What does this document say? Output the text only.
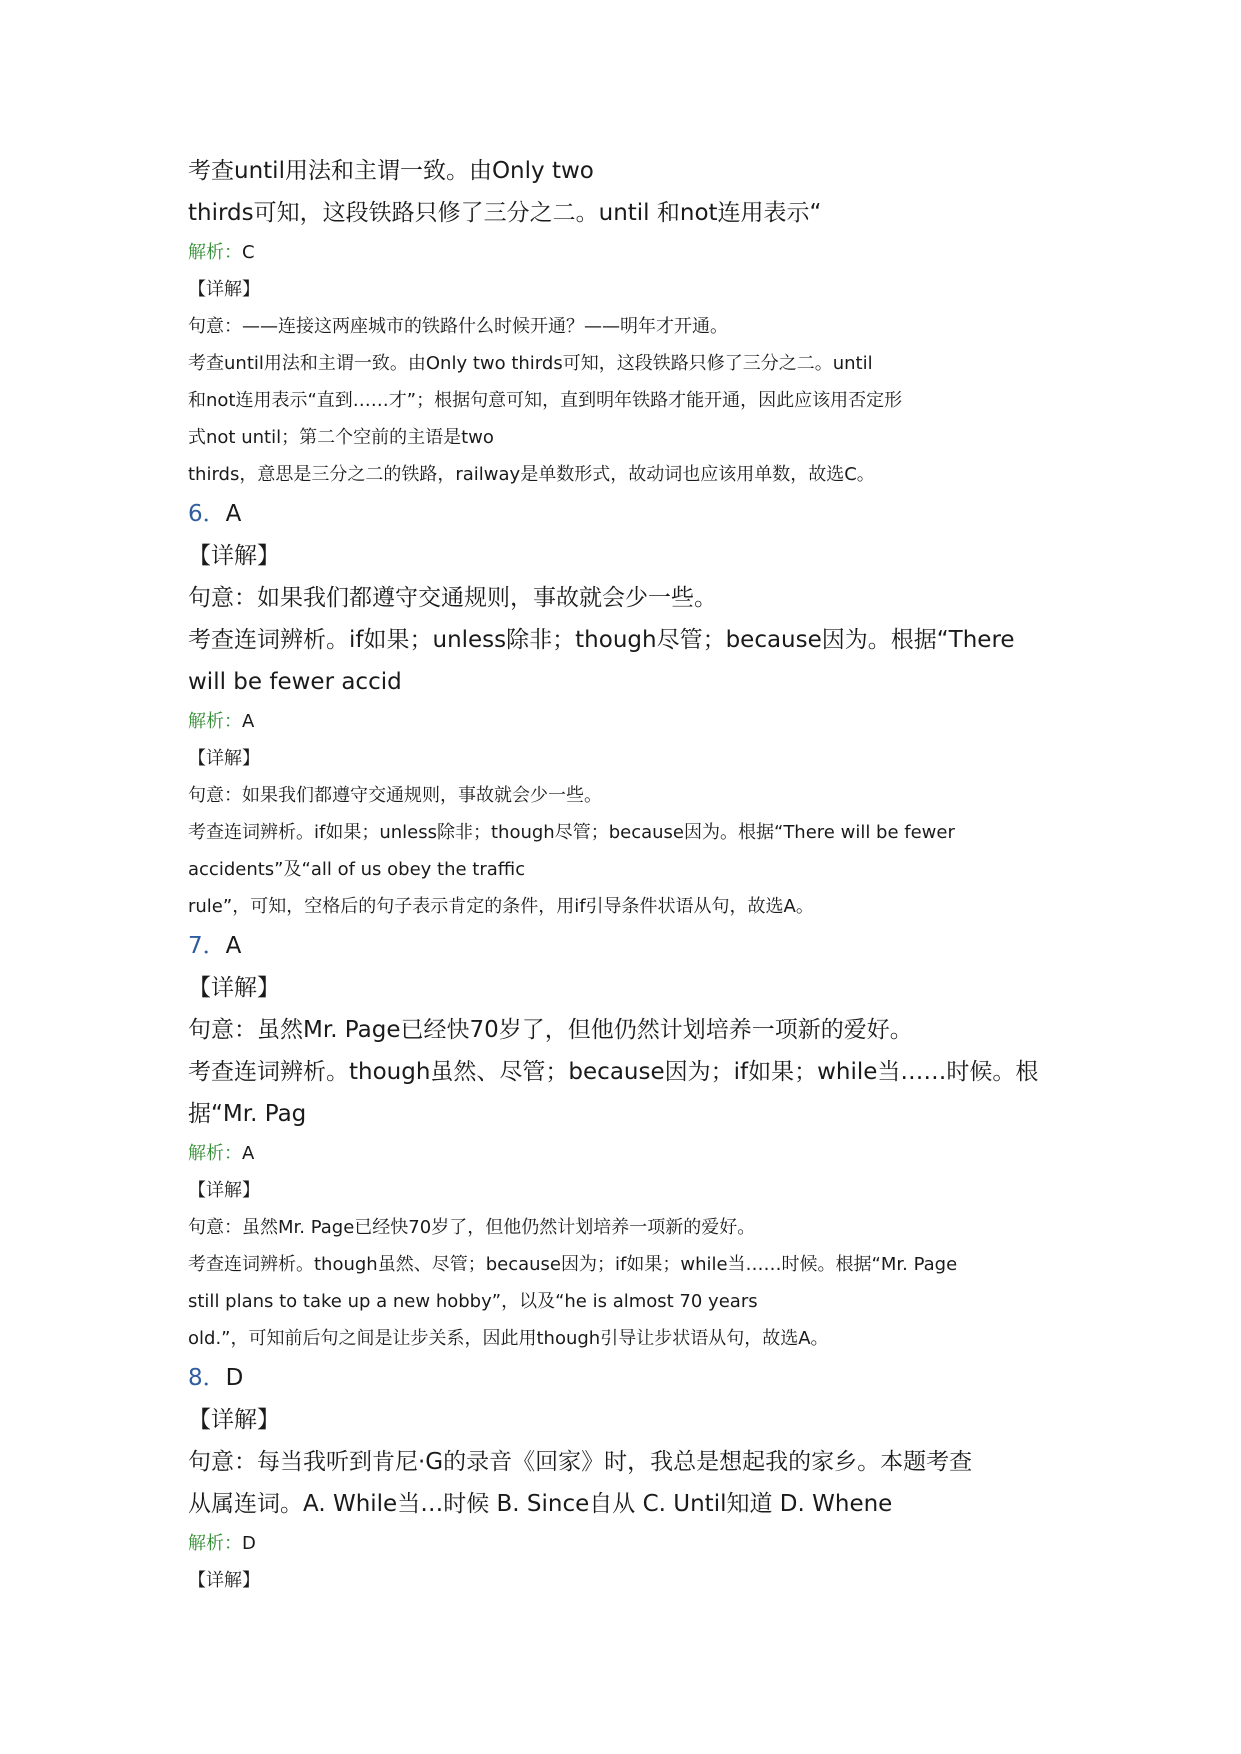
考查until用法和主谓一致。由Only two

thirds可知，这段铁路只修了三分之二。until 和not连用表示“

解析：C

【详解】

句意：——连接这两座城市的铁路什么时候开通？——明年才开通。

考查until用法和主谓一致。由Only two thirds可知，这段铁路只修了三分之二。until

和not连用表示“直到……才”；根据句意可知，直到明年铁路才能开通，因此应该用否定形

式not until；第二个空前的主语是two

thirds，意思是三分之二的铁路，railway是单数形式，故动词也应该用单数，故选C。

6．A

【详解】

句意：如果我们都遵守交通规则，事故就会少一些。

考查连词辨析。if如果；unless除非；though尽管；because因为。根据“There

will be fewer accid

解析：A

【详解】

句意：如果我们都遵守交通规则，事故就会少一些。

考查连词辨析。if如果；unless除非；though尽管；because因为。根据“There will be fewer

accidents”及“all of us obey the traffic

rule”，可知，空格后的句子表示肯定的条件，用if引导条件状语从句，故选A。

7．A

【详解】

句意：虽然Mr. Page已经快70岁了，但他仍然计划培养一项新的爱好。

考查连词辨析。though虽然、尽管；because因为；if如果；while当……时候。根

据“Mr. Pag

解析：A

【详解】

句意：虽然Mr. Page已经快70岁了，但他仍然计划培养一项新的爱好。

考查连词辨析。though虽然、尽管；because因为；if如果；while当……时候。根据“Mr. Page

still plans to take up a new hobby”，以及“he is almost 70 years

old.”，可知前后句之间是让步关系，因此用though引导让步状语从句，故选A。

8．D

【详解】

句意：每当我听到肯尼·G的录音《回家》时，我总是想起我的家乡。本题考查

从属连词。A. While当…时候 B. Since自从 C. Until知道 D. Whene

解析：D

【详解】
